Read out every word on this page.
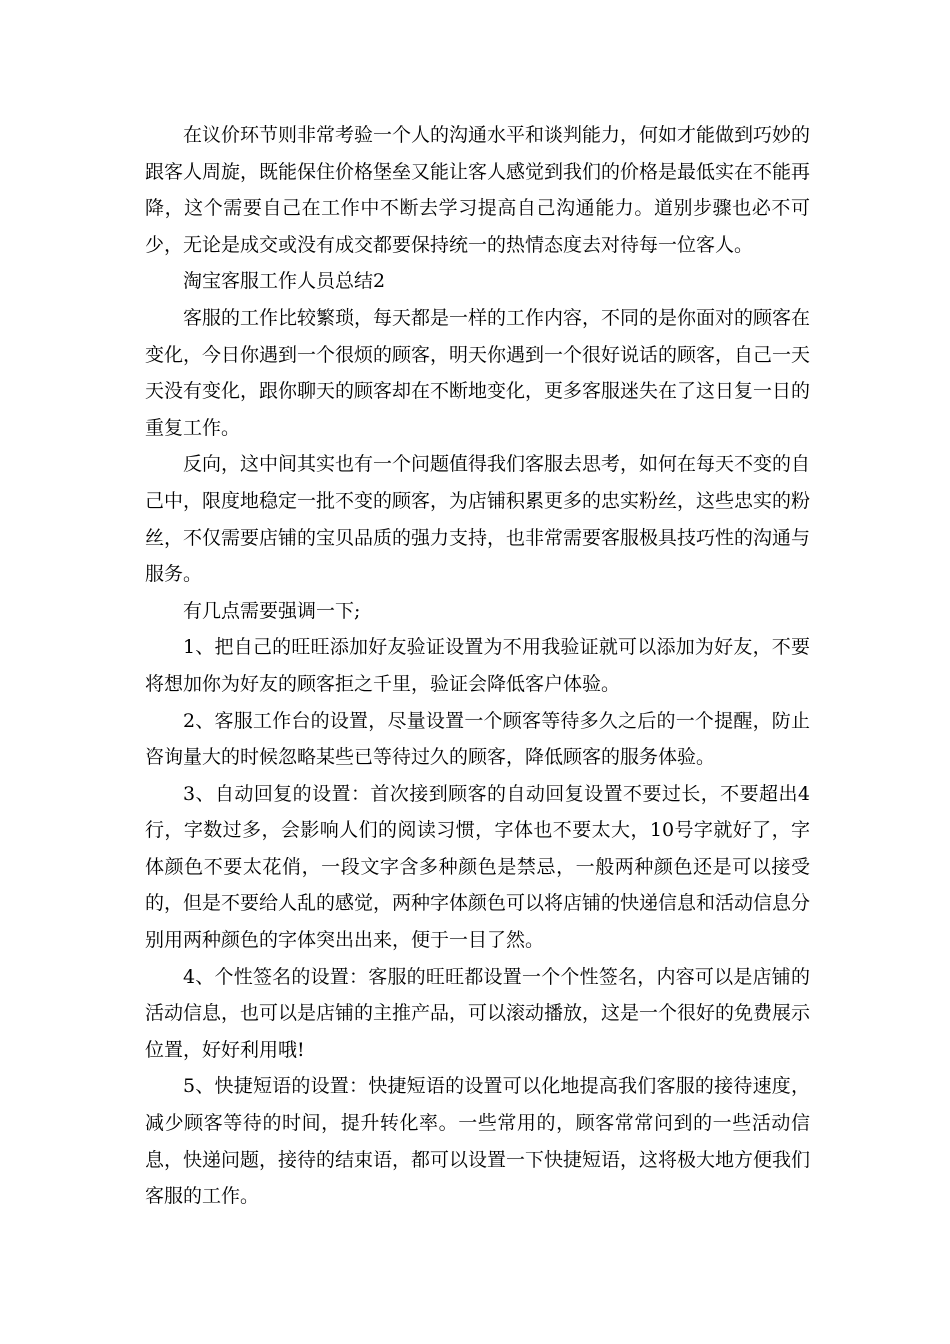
在议价环节则非常考验一个人的沟通水平和谈判能力，何如才能做到巧妙的跟客人周旋，既能保住价格堡垒又能让客人感觉到我们的价格是最低实在不能再降，这个需要自己在工作中不断去学习提高自己沟通能力。道别步骤也必不可少，无论是成交或没有成交都要保持统一的热情态度去对待每一位客人。

淘宝客服工作人员总结2

客服的工作比较繁琐，每天都是一样的工作内容，不同的是你面对的顾客在变化，今日你遇到一个很烦的顾客，明天你遇到一个很好说话的顾客，自己一天天没有变化，跟你聊天的顾客却在不断地变化，更多客服迷失在了这日复一日的重复工作。

反向，这中间其实也有一个问题值得我们客服去思考，如何在每天不变的自己中，限度地稳定一批不变的顾客，为店铺积累更多的忠实粉丝，这些忠实的粉丝，不仅需要店铺的宝贝品质的强力支持，也非常需要客服极具技巧性的沟通与服务。

有几点需要强调一下;

1、把自己的旺旺添加好友验证设置为不用我验证就可以添加为好友，不要将想加你为好友的顾客拒之千里，验证会降低客户体验。

2、客服工作台的设置，尽量设置一个顾客等待多久之后的一个提醒，防止咨询量大的时候忽略某些已等待过久的顾客，降低顾客的服务体验。

3、自动回复的设置：首次接到顾客的自动回复设置不要过长，不要超出4行，字数过多，会影响人们的阅读习惯，字体也不要太大，10号字就好了，字体颜色不要太花俏，一段文字含多种颜色是禁忌，一般两种颜色还是可以接受的，但是不要给人乱的感觉，两种字体颜色可以将店铺的快递信息和活动信息分别用两种颜色的字体突出出来，便于一目了然。

4、个性签名的设置：客服的旺旺都设置一个个性签名，内容可以是店铺的活动信息，也可以是店铺的主推产品，可以滚动播放，这是一个很好的免费展示位置，好好利用哦!

5、快捷短语的设置：快捷短语的设置可以化地提高我们客服的接待速度，减少顾客等待的时间，提升转化率。一些常用的，顾客常常问到的一些活动信息，快递问题，接待的结束语，都可以设置一下快捷短语，这将极大地方便我们客服的工作。
